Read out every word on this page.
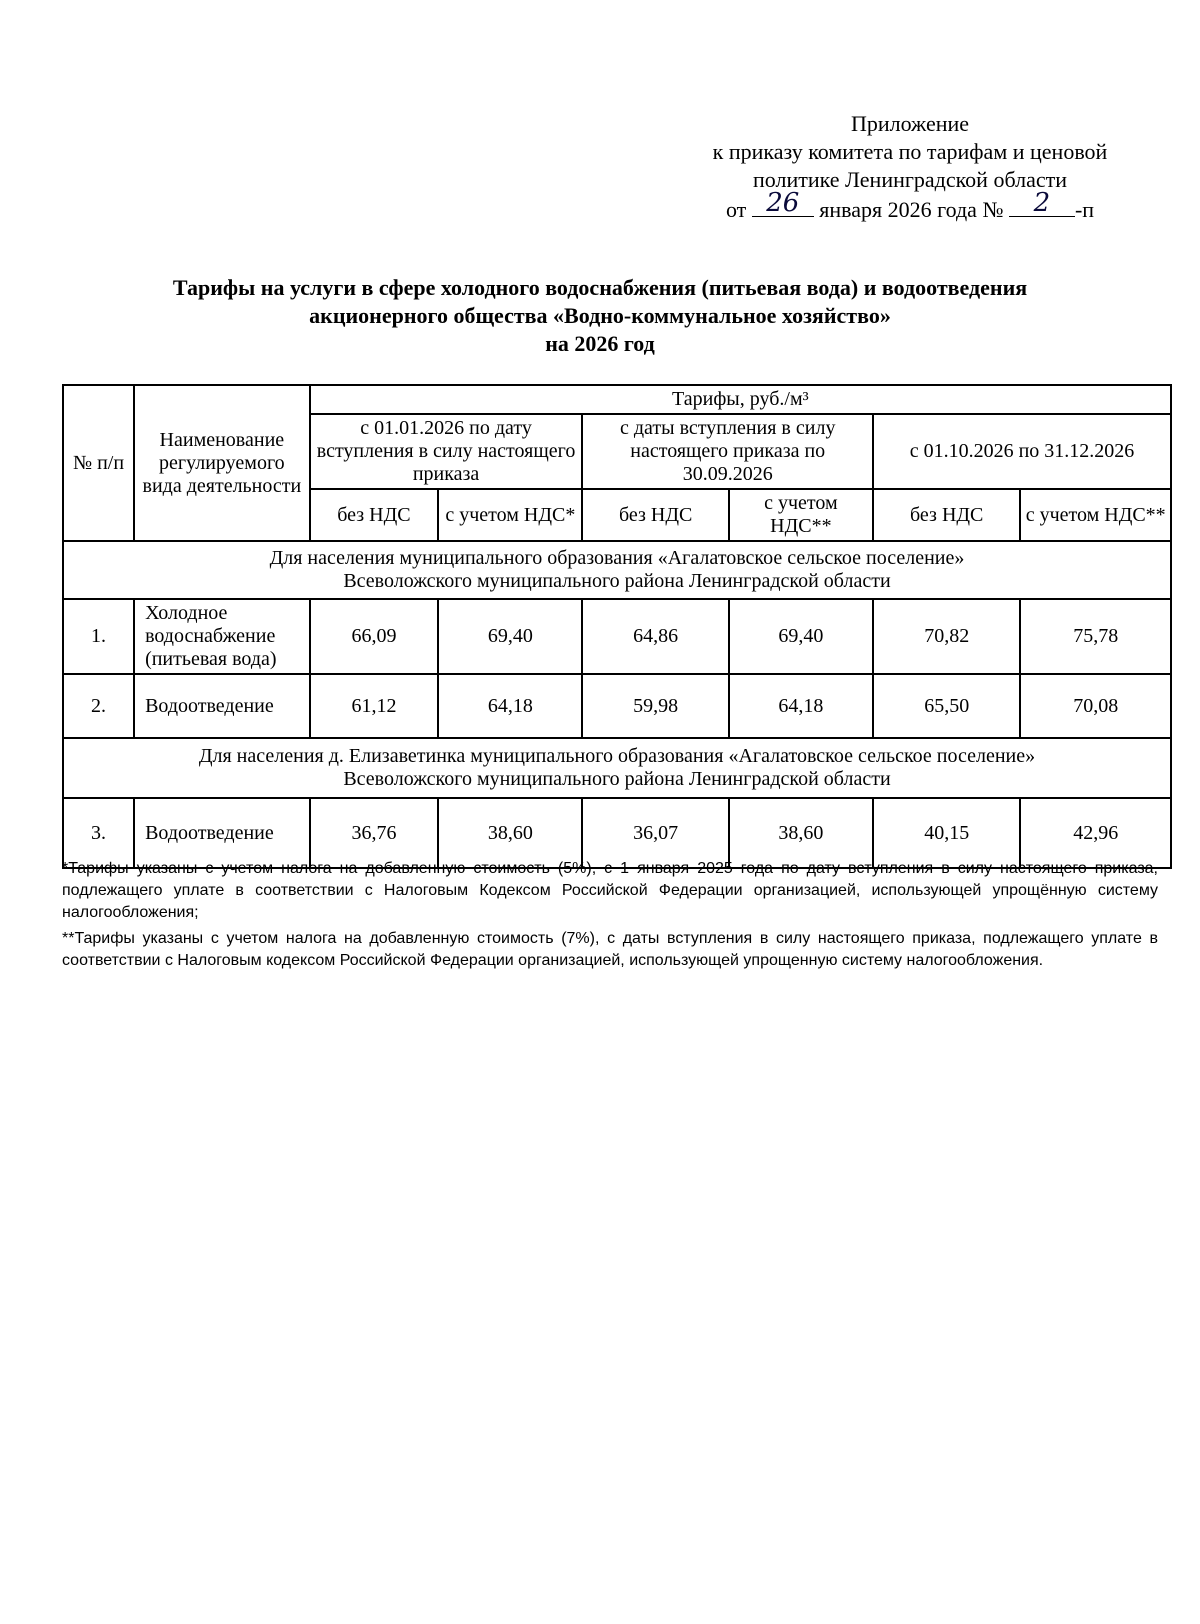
Приложение
к приказу комитета по тарифам и ценовой
политике Ленинградской области
от 26 января 2026 года №	2	-п
Тарифы на услуги в сфере холодного водоснабжения (питьевая вода) и водоотведения
акционерного общества «Водно-коммунальное хозяйство»
на 2026 год
№ п/п	Наименование регулируемого вида деятельности	Тарифы, руб./м³					
		с 01.01.2026 по дату вступления в силу настоящего приказа		с даты вступления в силу настоящего приказа по 30.09.2026		с 01.10.2026 по 31.12.2026	
		без НДС	с учетом НДС*	без НДС	с учетом НДС**	без НДС	с учетом НДС**

Для населения муниципального образования «Агалатовское сельское поселение»
Всеволожского муниципального района Ленинградской области							

1.	Холодное водоснабжение (питьевая вода)	66,09	69,40	64,86	69,40	70,82	75,78
2.	Водоотведение	61,12	64,18	59,98	64,18	65,50	70,08

Для населения д. Елизаветинка муниципального образования «Агалатовское сельское поселение»
Всеволожского муниципального района Ленинградской области							

3.	Водоотведение	36,76	38,60	36,07	38,60	40,15	42,96

*Тарифы указаны с учетом налога на добавленную стоимость (5%), с 1 января 2025 года по дату вступления в силу настоящего приказа, подлежащего уплате в соответствии с Налоговым Кодексом Российской Федерации организацией, использующей упрощённую систему налогообложения;

**Тарифы указаны с учетом налога на добавленную стоимость (7%), с даты вступления в силу настоящего приказа, подлежащего уплате в соответствии с Налоговым кодексом Российской Федерации организацией, использующей упрощенную систему налогообложения.
